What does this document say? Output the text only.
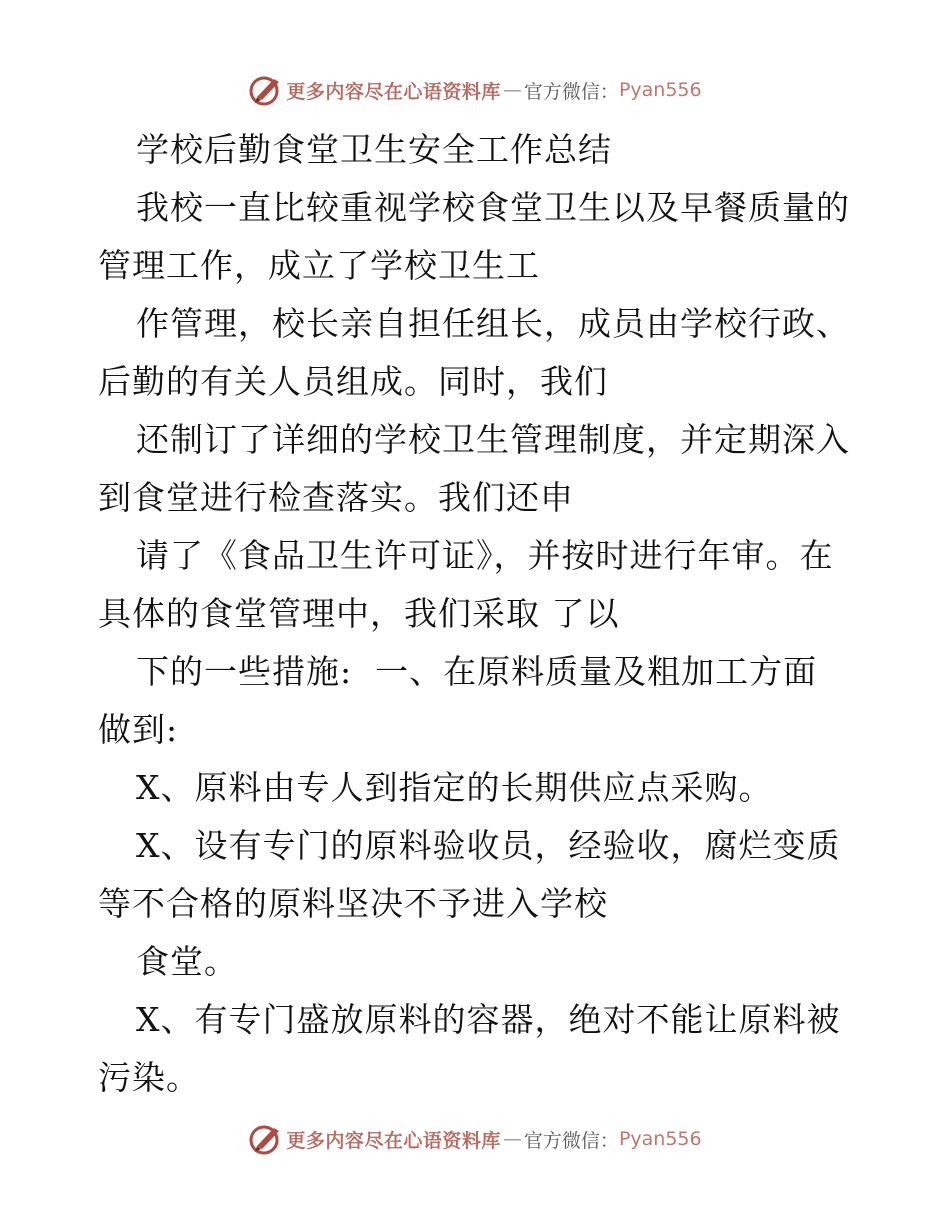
更多内容尽在心语资料库 — 官方微信： Pyan556
学校后勤食堂卫生安全工作总结
我校一直比较重视学校食堂卫生以及早餐质量的
管理工作，成立了学校卫生工
作管理，校长亲自担任组长，成员由学校行政、
后勤的有关人员组成。同时，我们
还制订了详细的学校卫生管理制度，并定期深入
到食堂进行检查落实。我们还申
请了《食品卫生许可证》，并按时进行年审。在
具体的食堂管理中，我们采取 了以
下的一些措施:  一、在原料质量及粗加工方面
做到:
X、原料由专人到指定的长期供应点采购。
X、设有专门的原料验收员，经验收，腐烂变质
等不合格的原料坚决不予进入学校
食堂。
X、有专门盛放原料的容器，绝对不能让原料被
污染。
更多内容尽在心语资料库 — 官方微信： Pyan556
